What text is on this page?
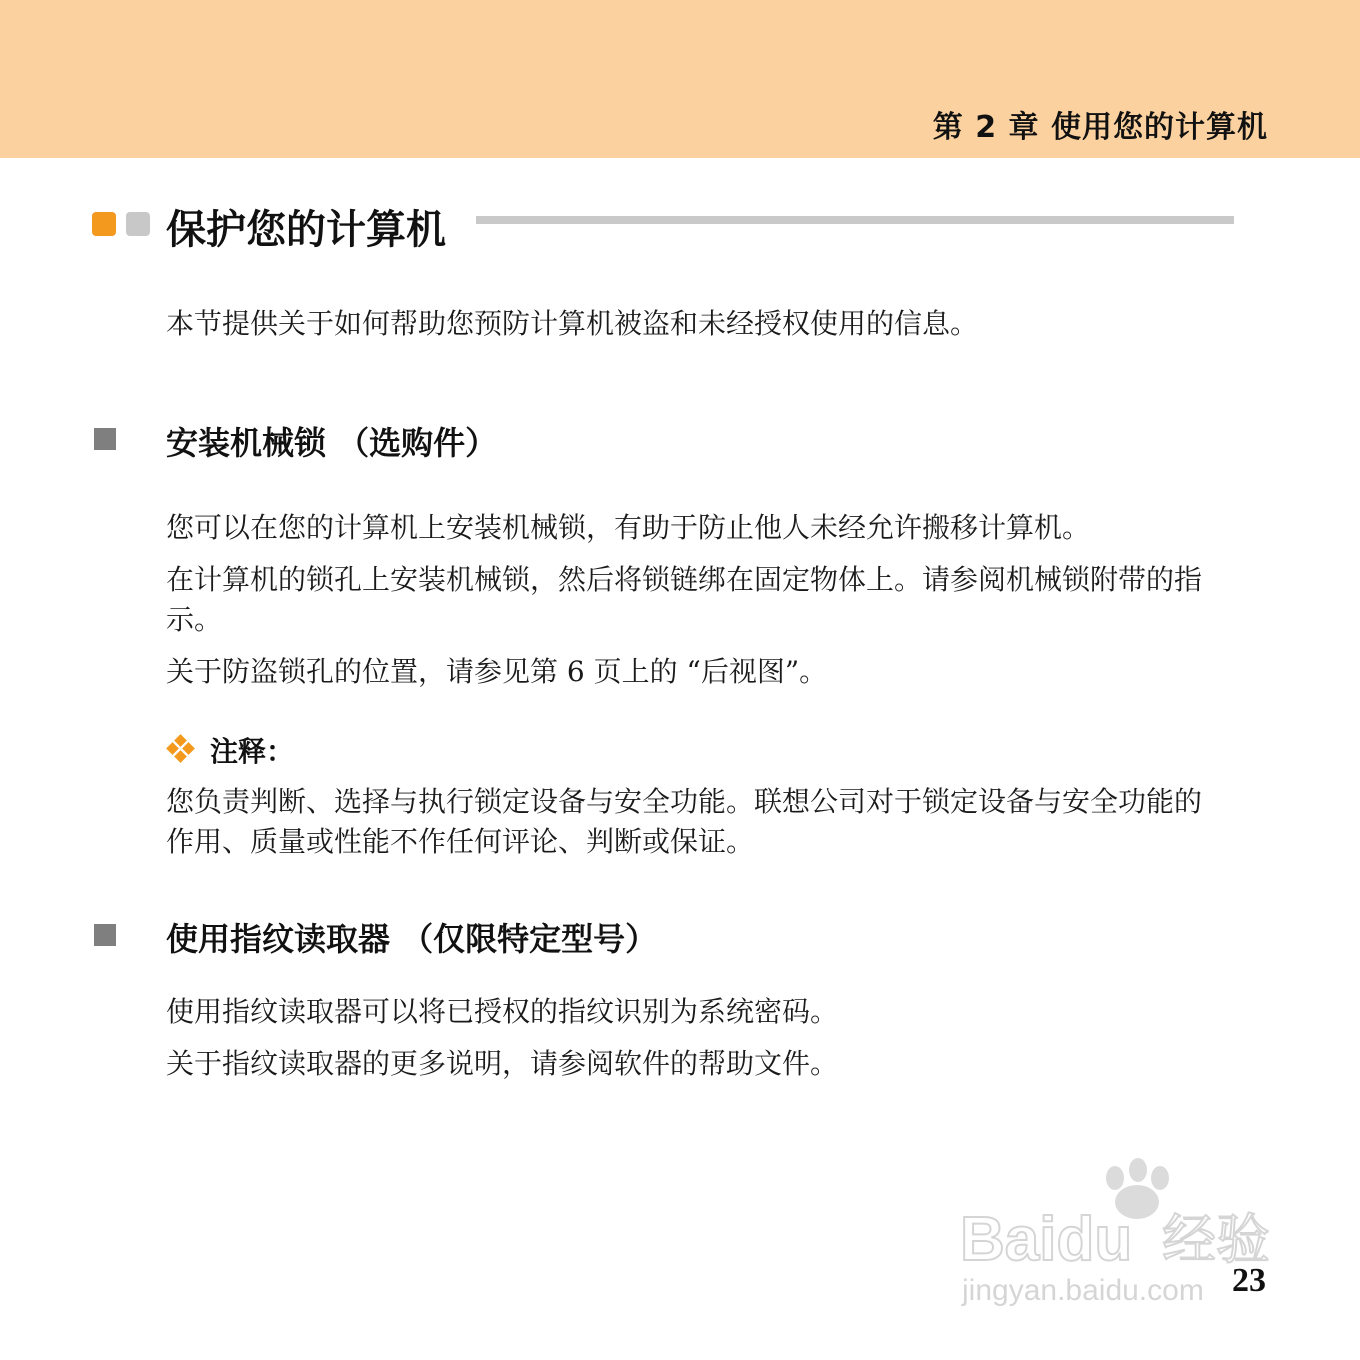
第 2 章 使用您的计算机
保护您的计算机
本节提供关于如何帮助您预防计算机被盗和未经授权使用的信息。
安装机械锁 （选购件）
您可以在您的计算机上安装机械锁，有助于防止他人未经允许搬移计算机。
在计算机的锁孔上安装机械锁，然后将锁链绑在固定物体上。请参阅机械锁附带的指示。
关于防盗锁孔的位置，请参见第 6 页上的 “后视图”。
注释：
您负责判断、选择与执行锁定设备与安全功能。联想公司对于锁定设备与安全功能的作用、质量或性能不作任何评论、判断或保证。
使用指纹读取器 （仅限特定型号）
使用指纹读取器可以将已授权的指纹识别为系统密码。
关于指纹读取器的更多说明，请参阅软件的帮助文件。
Baidu 经验
jingyan.baidu.com 23
